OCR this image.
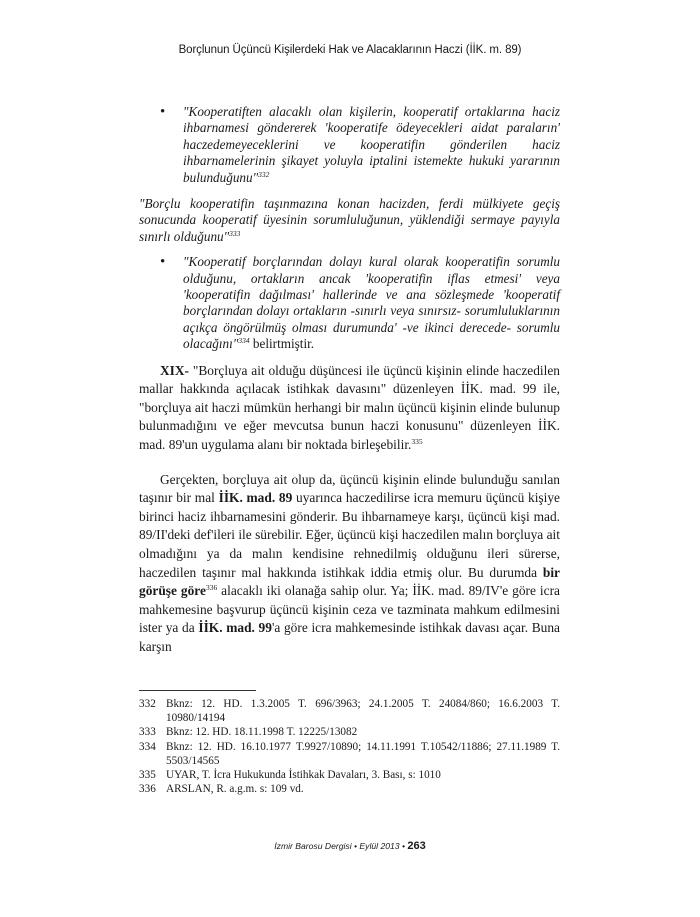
Borçlunun Üçüncü Kişilerdeki Hak ve Alacaklarının Haczi (İİK. m. 89)
• "Kooperatiften alacaklı olan kişilerin, kooperatif ortaklarına haciz ihbarnamesi göndererek 'kooperatife ödeyecekleri aidat paraların' haczedemeyeceklerini ve kooperatifin gönderilen haciz ihbarnamelerinin şikayet yoluyla iptalini istemekte hukuki yararının bulunduğunu"$^{332}$
"Borçlu kooperatifin taşınmazına konan hacizden, ferdi mülkiyete geçiş sonucunda kooperatif üyesinin sorumluluğunun, yüklendiği sermaye payıyla sınırlı olduğunu"$^{333}$
• "Kooperatif borçlarından dolayı kural olarak kooperatifin sorumlu olduğunu, ortakların ancak 'kooperatifin iflas etmesi' veya 'kooperatifin dağılması' hallerinde ve ana sözleşmede 'kooperatif borçlarından dolayı ortakların -sınırlı veya sınırsız- sorumluluklarının açıkça öngörülmüş olması durumunda' -ve ikinci derecede- sorumlu olacağını"$^{334}$ belirtmiştir.

XIX- "Borçluya ait olduğu düşüncesi ile üçüncü kişinin elinde haczedilen mallar hakkında açılacak istihkak davasını" düzenleyen İİK. mad. 99 ile, "borçluya ait haczi mümkün herhangi bir malın üçüncü kişinin elinde bulunup bulunmadığını ve eğer mevcutsa bunun haczi konusunu" düzenleyen İİK. mad. 89'un uygulama alanı bir noktada birleşebilir.$^{335}$

Gerçekten, borçluya ait olup da, üçüncü kişinin elinde bulunduğu sanılan taşınır bir mal İİK. mad. 89 uyarınca haczedilirse icra memuru üçüncü kişiye birinci haciz ihbarnamesini gönderir. Bu ihbarnameye karşı, üçüncü kişi mad. 89/II'deki def'ileri ile sürebilir. Eğer, üçüncü kişi haczedilen malın borçluya ait olmadığını ya da malın kendisine rehnedilmiş olduğunu ileri sürerse, haczedilen taşınır mal hakkında istihkak iddia etmiş olur. Bu durumda bir görüşe göre$^{336}$ alacaklı iki olanağa sahip olur. Ya; İİK. mad. 89/IV'e göre icra mahkemesine başvurup üçüncü kişinin ceza ve tazminata mahkum edilmesini ister ya da İİK. mad. 99'a göre icra mahkemesinde istihkak davası açar. Buna karşın

332 Bknz: 12. HD. 1.3.2005 T. 696/3963; 24.1.2005 T. 24084/860; 16.6.2003 T. 10980/14194
333 Bknz: 12. HD. 18.11.1998 T. 12225/13082
334 Bknz: 12. HD. 16.10.1977 T.9927/10890; 14.11.1991 T.10542/11886; 27.11.1989 T. 5503/14565
335 UYAR, T. İcra Hukukunda İstihkak Davaları, 3. Bası, s: 1010
336 ARSLAN, R. a.g.m. s: 109 vd.
İzmir Barosu Dergisi • Eylül 2013 • 263
